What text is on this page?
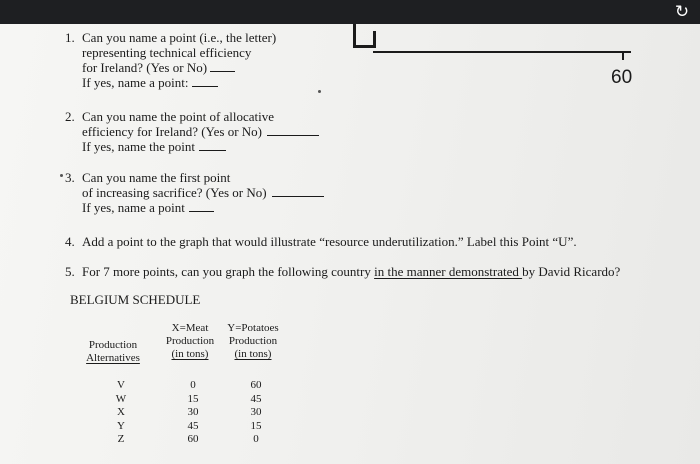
↻
60
1. Can you name a point (i.e., the letter)
representing technical efficiency
for Ireland? (Yes or No)
If yes, name a point:
2. Can you name the point of allocative
efficiency for Ireland? (Yes or No)
If yes, name the point
3. Can you name the first point
of increasing sacrifice? (Yes or No)
If yes, name a point
4. Add a point to the graph that would illustrate “resource underutilization.” Label this Point “U”.
5. For 7 more points, can you graph the following country in the manner demonstrated by David Ricardo?
BELGIUM SCHEDULE
Production
Alternatives
X=Meat
Production
(in tons)
Y=Potatoes
Production
(in tons)
V
W
X
Y
Z
0
15
30
45
60
60
45
30
15
0
